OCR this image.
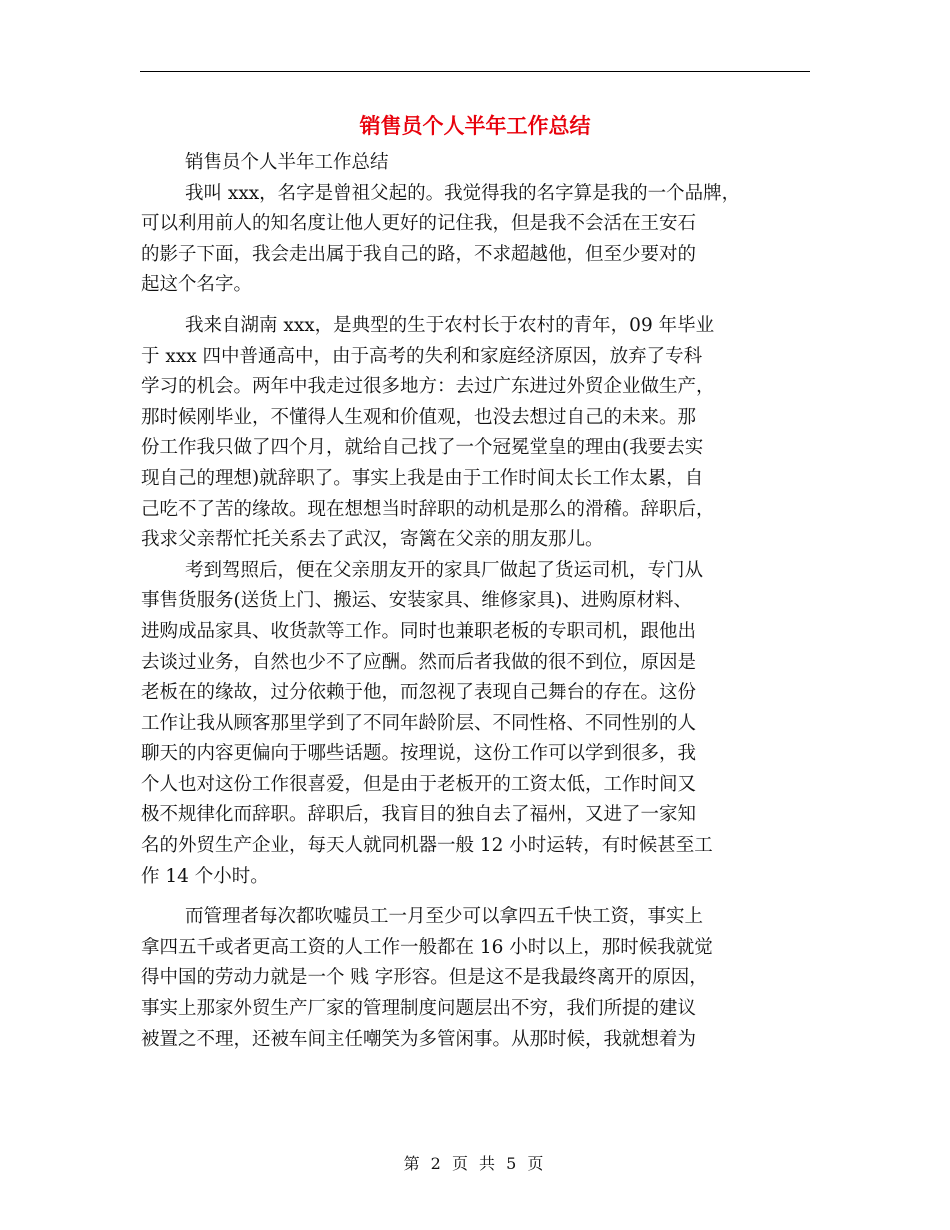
销售员个人半年工作总结
销售员个人半年工作总结
我叫 xxx，名字是曾祖父起的。我觉得我的名字算是我的一个品牌，
可以利用前人的知名度让他人更好的记住我，但是我不会活在王安石
的影子下面，我会走出属于我自己的路，不求超越他，但至少要对的
起这个名字。
我来自湖南 xxx，是典型的生于农村长于农村的青年，09 年毕业
于 xxx 四中普通高中，由于高考的失利和家庭经济原因，放弃了专科
学习的机会。两年中我走过很多地方：去过广东进过外贸企业做生产，
那时候刚毕业，不懂得人生观和价值观，也没去想过自己的未来。那
份工作我只做了四个月，就给自己找了一个冠冕堂皇的理由(我要去实
现自己的理想)就辞职了。事实上我是由于工作时间太长工作太累，自
己吃不了苦的缘故。现在想想当时辞职的动机是那么的滑稽。辞职后，
我求父亲帮忙托关系去了武汉，寄篱在父亲的朋友那儿。
考到驾照后，便在父亲朋友开的家具厂做起了货运司机，专门从
事售货服务(送货上门、搬运、安装家具、维修家具)、进购原材料、
进购成品家具、收货款等工作。同时也兼职老板的专职司机，跟他出
去谈过业务，自然也少不了应酬。然而后者我做的很不到位，原因是
老板在的缘故，过分依赖于他，而忽视了表现自己舞台的存在。这份
工作让我从顾客那里学到了不同年龄阶层、不同性格、不同性别的人
聊天的内容更偏向于哪些话题。按理说，这份工作可以学到很多，我
个人也对这份工作很喜爱，但是由于老板开的工资太低，工作时间又
极不规律化而辞职。辞职后，我盲目的独自去了福州，又进了一家知
名的外贸生产企业，每天人就同机器一般 12 小时运转，有时候甚至工
作 14 个小时。
而管理者每次都吹嘘员工一月至少可以拿四五千快工资，事实上
拿四五千或者更高工资的人工作一般都在 16 小时以上，那时候我就觉
得中国的劳动力就是一个 贱 字形容。但是这不是我最终离开的原因，
事实上那家外贸生产厂家的管理制度问题层出不穷，我们所提的建议
被置之不理，还被车间主任嘲笑为多管闲事。从那时候，我就想着为
第 2 页 共 5 页
